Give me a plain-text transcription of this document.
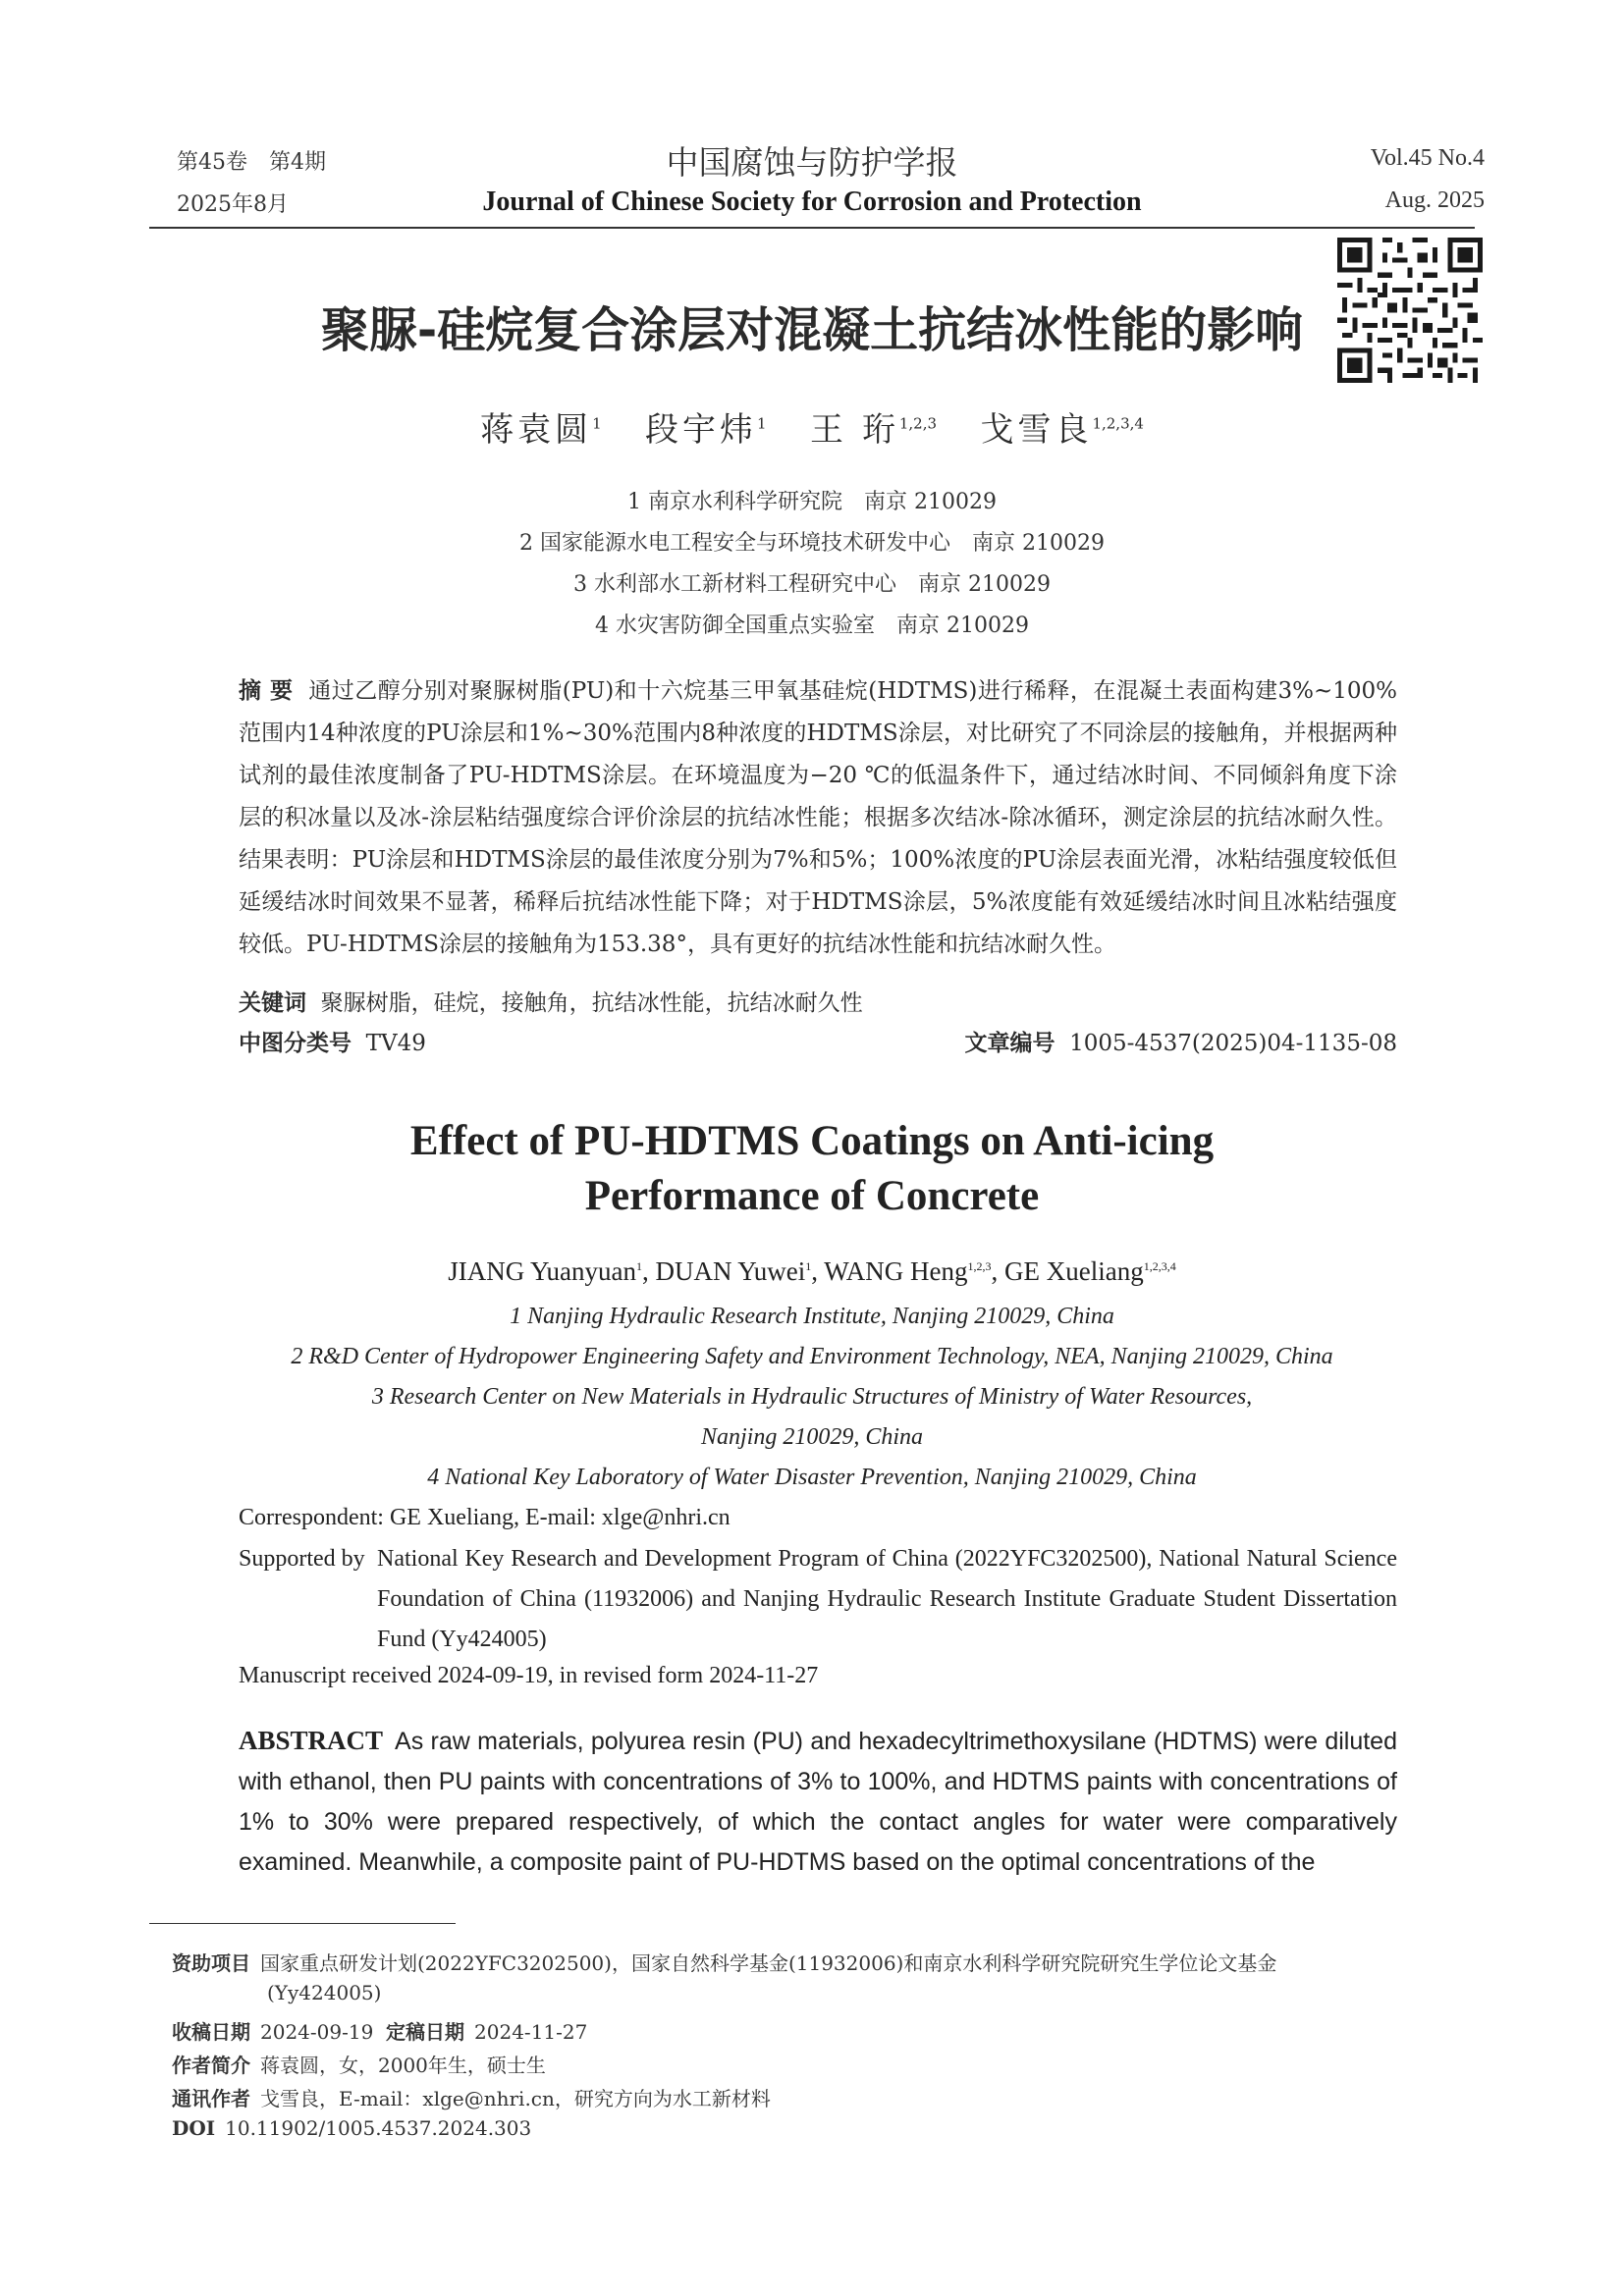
第45卷　第4期
2025年8月
中国腐蚀与防护学报
Journal of Chinese Society for Corrosion and Protection
Vol.45 No.4
Aug. 2025
聚脲-硅烷复合涂层对混凝土抗结冰性能的影响
蒋袁圆$^1$ 段宇炜$^1$ 王 珩$^{1,2,3}$ 戈雪良$^{1,2,3,4}$
1 南京水利科学研究院　南京 210029
2 国家能源水电工程安全与环境技术研发中心　南京 210029
3 水利部水工新材料工程研究中心　南京 210029
4 水灾害防御全国重点实验室　南京 210029
摘 要 通过乙醇分别对聚脲树脂(PU)和十六烷基三甲氧基硅烷(HDTMS)进行稀释，在混凝土表面构建3%~100%范围内14种浓度的PU涂层和1%~30%范围内8种浓度的HDTMS涂层，对比研究了不同涂层的接触角，并根据两种试剂的最佳浓度制备了PU-HDTMS涂层。在环境温度为−20 ℃的低温条件下，通过结冰时间、不同倾斜角度下涂层的积冰量以及冰-涂层粘结强度综合评价涂层的抗结冰性能；根据多次结冰-除冰循环，测定涂层的抗结冰耐久性。结果表明：PU涂层和HDTMS涂层的最佳浓度分别为7%和5%；100%浓度的PU涂层表面光滑，冰粘结强度较低但延缓结冰时间效果不显著，稀释后抗结冰性能下降；对于HDTMS涂层，5%浓度能有效延缓结冰时间且冰粘结强度较低。PU-HDTMS涂层的接触角为153.38°，具有更好的抗结冰性能和抗结冰耐久性。
关键词 聚脲树脂，硅烷，接触角，抗结冰性能，抗结冰耐久性
中图分类号 TV49	文章编号 1005-4537(2025)04-1135-08
Effect of PU-HDTMS Coatings on Anti-icing
Performance of Concrete
JIANG Yuanyuan$^1$, DUAN Yuwei$^1$, WANG Heng$^{1,2,3}$, GE Xueliang$^{1,2,3,4}$
1 Nanjing Hydraulic Research Institute, Nanjing 210029, China
2 R&D Center of Hydropower Engineering Safety and Environment Technology, NEA, Nanjing 210029, China
3 Research Center on New Materials in Hydraulic Structures of Ministry of Water Resources,
Nanjing 210029, China
4 National Key Laboratory of Water Disaster Prevention, Nanjing 210029, China
Correspondent: GE Xueliang, E-mail: xlge@nhri.cn
Supported by National Key Research and Development Program of China (2022YFC3202500), National Natural Science Foundation of China (11932006) and Nanjing Hydraulic Research Institute Graduate Student Dissertation Fund (Yy424005)
Manuscript received 2024-09-19, in revised form 2024-11-27
ABSTRACT As raw materials, polyurea resin (PU) and hexadecyltrimethoxysilane (HDTMS) were diluted with ethanol, then PU paints with concentrations of 3% to 100%, and HDTMS paints with concentrations of 1% to 30% were prepared respectively, of which the contact angles for water were comparatively examined. Meanwhile, a composite paint of PU-HDTMS based on the optimal concentrations of the
资助项目 国家重点研发计划(2022YFC3202500)，国家自然科学基金(11932006)和南京水利科学研究院研究生学位论文基金
(Yy424005)
收稿日期 2024-09-19 定稿日期 2024-11-27
作者简介 蒋袁圆，女，2000年生，硕士生
通讯作者 戈雪良，E-mail：xlge@nhri.cn，研究方向为水工新材料
DOI 10.11902/1005.4537.2024.303
